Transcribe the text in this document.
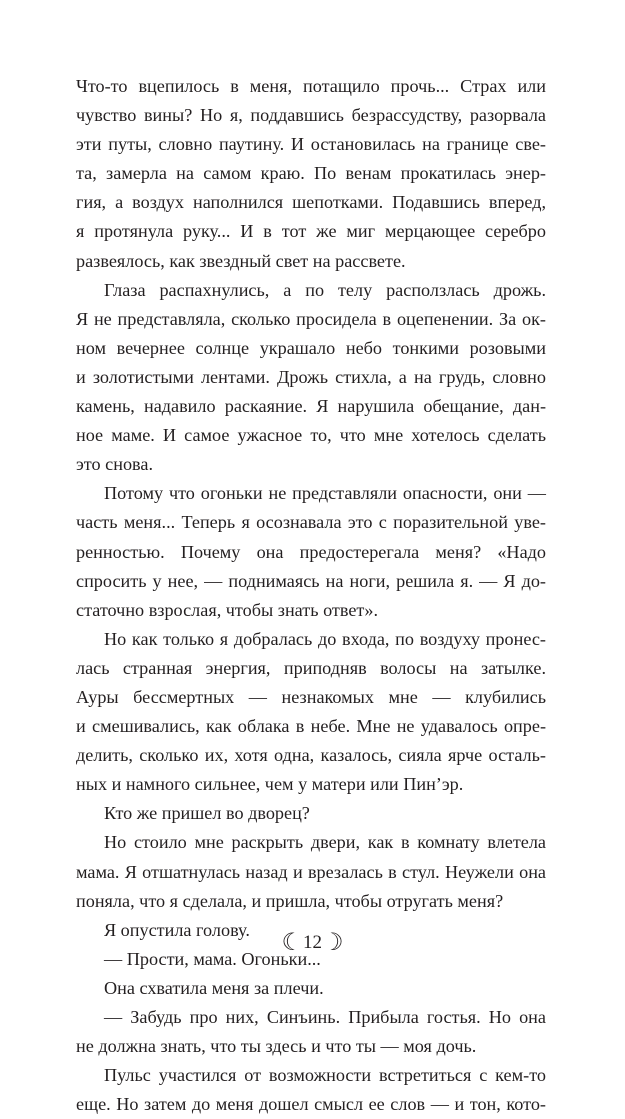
Что-то вцепилось в меня, потащило прочь... Страх или
чувство вины? Но я, поддавшись безрассудству, разорвала
эти путы, словно паутину. И остановилась на границе све-
та, замерла на самом краю. По венам прокатилась энер-
гия, а воздух наполнился шепотками. Подавшись вперед,
я протянула руку... И в тот же миг мерцающее серебро
развеялось, как звездный свет на рассвете.
Глаза распахнулись, а по телу расползлась дрожь.
Я не представляла, сколько просидела в оцепенении. За ок-
ном вечернее солнце украшало небо тонкими розовыми
и золотистыми лентами. Дрожь стихла, а на грудь, словно
камень, надавило раскаяние. Я нарушила обещание, дан-
ное маме. И самое ужасное то, что мне хотелось сделать
это снова.
Потому что огоньки не представляли опасности, они —
часть меня... Теперь я осознавала это с поразительной уве-
ренностью. Почему она предостерегала меня? «Надо
спросить у нее, — поднимаясь на ноги, решила я. — Я до-
статочно взрослая, чтобы знать ответ».
Но как только я добралась до входа, по воздуху пронес-
лась странная энергия, приподняв волосы на затылке.
Ауры бессмертных — незнакомых мне — клубились
и смешивались, как облака в небе. Мне не удавалось опре-
делить, сколько их, хотя одна, казалось, сияла ярче осталь-
ных и намного сильнее, чем у матери или Пин’эр.
Кто же пришел во дворец?
Но стоило мне раскрыть двери, как в комнату влетела
мама. Я отшатнулась назад и врезалась в стул. Неужели она
поняла, что я сделала, и пришла, чтобы отругать меня?
Я опустила голову.
— Прости, мама. Огоньки...
Она схватила меня за плечи.
— Забудь про них, Синъинь. Прибыла гостья. Но она
не должна знать, что ты здесь и что ты — моя дочь.
Пульс участился от возможности встретиться с кем-то
еще. Но затем до меня дошел смысл ее слов — и тон, кото-
☾12☽
